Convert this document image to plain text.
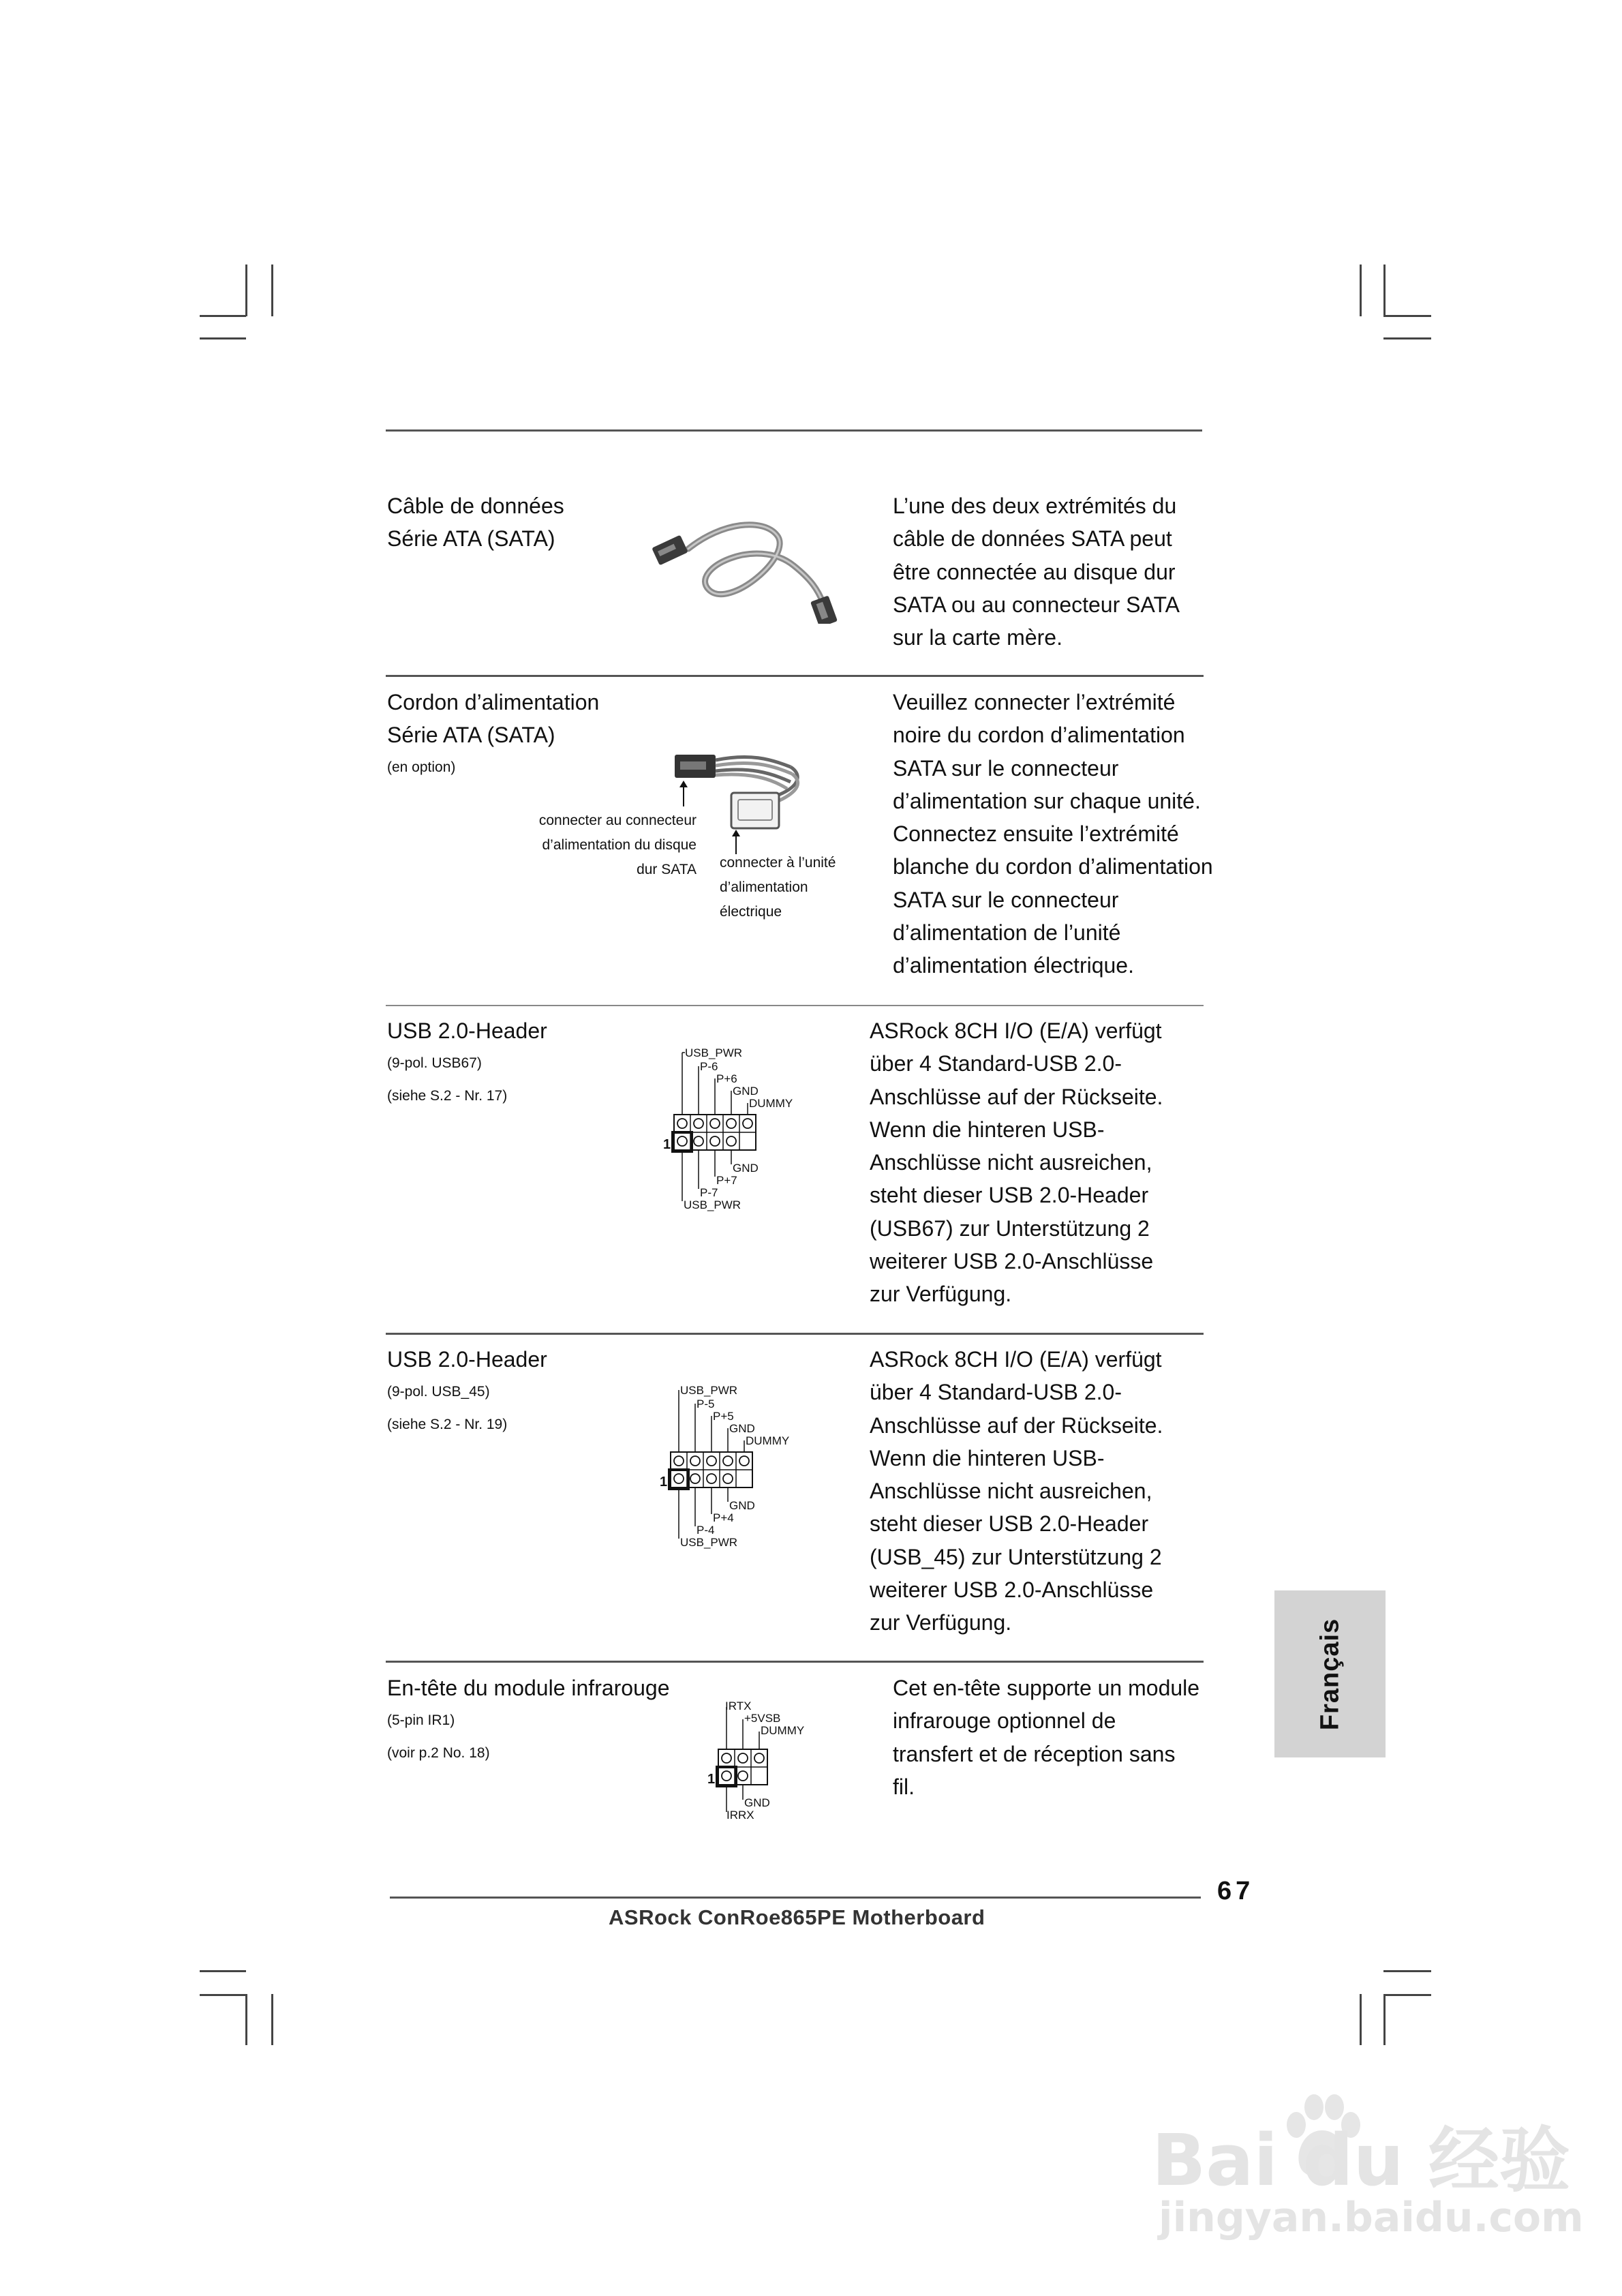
Câble de données
Série ATA (SATA)
L’une des deux extrémités du
câble de données SATA peut
être connectée au disque dur
SATA ou au connecteur SATA
sur la carte mère.
Cordon d’alimentation
Série ATA (SATA)
(en option)
connecter au connecteur
d’alimentation du disque
dur SATA connecter à l’unité
d’alimentation
électrique
Veuillez connecter l’extrémité
noire du cordon d’alimentation
SATA sur le connecteur
d’alimentation sur chaque unité.
Connectez ensuite l’extrémité
blanche du cordon d’alimentation
SATA sur le connecteur
d’alimentation de l’unité
d’alimentation électrique.
USB 2.0-Header
(9-pol. USB67)
(siehe S.2 - Nr. 17)
USB_PWR
P-6
P+6
GND
DUMMY
1
GND
P+7
P-7
USB_PWR
ASRock 8CH I/O (E/A) verfügt
über 4 Standard-USB 2.0-
Anschlüsse auf der Rückseite.
Wenn die hinteren USB-
Anschlüsse nicht ausreichen,
steht dieser USB 2.0-Header
(USB67) zur Unterstützung 2
weiterer USB 2.0-Anschlüsse
zur Verfügung.
USB 2.0-Header
(9-pol. USB_45)
(siehe S.2 - Nr. 19)
USB_PWR
P-5
P+5
GND
DUMMY
1
GND
P+4
P-4
USB_PWR
ASRock 8CH I/O (E/A) verfügt
über 4 Standard-USB 2.0-
Anschlüsse auf der Rückseite.
Wenn die hinteren USB-
Anschlüsse nicht ausreichen,
steht dieser USB 2.0-Header
(USB_45) zur Unterstützung 2
weiterer USB 2.0-Anschlüsse
zur Verfügung.
En-tête du module infrarouge
(5-pin IR1)
(voir p.2 No. 18)
IRTX
+5VSB
DUMMY
1
GND
IRRX
Cet en-tête supporte un module
infrarouge optionnel de
transfert et de réception sans
fil.
Français
67
ASRock ConRoe865PE Motherboard
Bai du 经验
jingyan.baidu.com
